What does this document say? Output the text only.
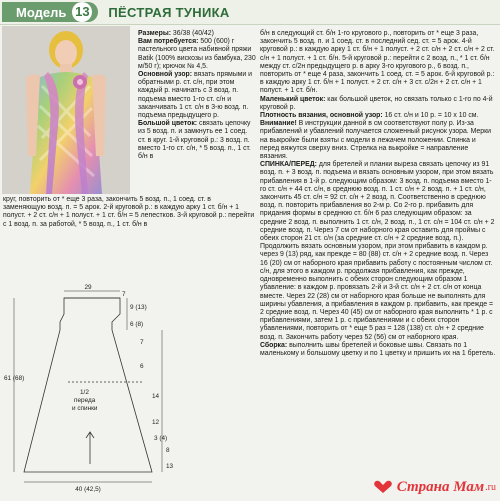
Модель 13 ПЁСТРАЯ ТУНИКА

Размеры: 36/38 (40/42)

Вам потребуется: 500 (600) г пастельного цвета набивной пряжи Batik (100% вискозы из бамбука, 230 м/50 г); крючок № 4,5.

Основной узор: вязать прямыми и обратными р. ст. с/н, при этом каждый р. начинать с 3 возд. п. подъема вместо 1-го ст. с/н и заканчивать 1 ст. с/н в 3-ю возд. п. подъема предыдущего р.

Большой цветок: связать цепочку из 5 возд. п. и замкнуть ее 1 соед. ст. в круг. 1-й круговой р.: 3 возд. п. вместо 1-го ст. с/н, * 5 возд. п., 1 ст. б/н в

круг, повторить от * еще 3 раза, закончить 5 возд. п., 1 соед. ст. в заменяющую возд. п. = 5 арок. 2-й круговой р.: в каждую арку 1 ст. б/н + 1 полуст. + 2 ст. с/н + 1 полуст. + 1 ст. б/н = 5 лепестков. 3-й круговой р.: перейти с 1 возд. п. за работой, * 5 возд. п., 1 ст. б/н в

б/н в следующий ст. б/н 1-го кругового р., повторить от * еще 3 раза, закончить 5 возд. п. и 1 соед. ст. в последний сед. ст. = 5 арок. 4-й круговой р.: в каждую арку 1 ст. б/н + 1 полуст. + 2 ст. с/н + 2 ст. с/н + 2 ст. с/н + 1 полуст. + 1 ст. б/н. 5-й круговой р.: перейти с 2 возд. п., * 1 ст. б/н между ст. с/2н предыдущего р. в арку 3-го кругового р., 6 возд. п., повторить от * еще 4 раза, закончить 1 соед. ст. = 5 арок. 6-й круговой р.: в каждую арку 1 ст. б/н + 1 полуст. + 2 ст. с/н + 3 ст. с/2н + 2 ст. с/н + 1 полуст. + 1 ст. б/н.

Маленький цветок: как большой цветок, но связать только с 1-го по 4-й круговой р.

Плотность вязания, основной узор: 16 ст. с/н и 10 р. = 10 х 10 см.

Внимание! В инструкции данной в см соответствуют полу р. Из-за прибавлений и убавлений получается сложенный рисунок узора. Мерки на выкройке были взяты с модели в лежачем положении. Спинка и перед вяжутся сверху вниз. Стрелка на выкройке = направление вязания.

СПИНКА/ПЕРЕД: для бретелей и планки выреза связать цепочку из 91 возд. п. + 3 возд. п. подъема и вязать основным узором, при этом вязать прибавления в 1-й р. следующим образом: 3 возд. п. подъема вместо 1-го ст. с/н + 44 ст. с/н, в среднюю возд. п. 1 ст. с/н + 2 возд. п. + 1 ст. с/н, закончить 45 ст. с/н = 92 ст. с/н + 2 возд. п. Соответственно в среднюю возд. п. повторить прибавления во 2-м р. Со 2-го р. прибавить для придания формы в среднюю ст. б/н 6 раз следующим образом: за средние 2 возд. п. выполнить 1 ст. с/н, 2 возд. п., 1 ст. с/н = 104 ст. с/н + 2 средние возд. п. Через 7 см от наборного края оставить для проймы с обеих сторон 21 ст. с/н (за средние ст. с/н + 2 средние возд. п.). Продолжить вязать основным узором, при этом прибавить в каждом р. через 9 (13) ряд, как прежде = 80 (88) ст. с/н + 2 средние возд. п. Через 16 (20) см от наборного края прибавить работу с постоянным числом ст. с/н, для этого в каждом р. продолжая прибавления, как прежде, одновременно выполнить с обеих сторон следующим образом 1 убавление: в каждом р. провязать 2-й и 3-й ст. с/н + 2 ст. с/н от конца вместе. Через 22 (28) см от наборного края больше не выполнять для ширины убавления, а прибавления в каждом р. прибавить, как прежде = 2 средние возд. п. Через 40 (45) см от наборного края выполнить * 1 р. с прибавлениями, затем 1 р. с прибавлениями и с обеих сторон убавлениями, повторить от * еще 5 раз = 128 (138) ст. с/н + 2 средние возд. п. Закончить работу через 52 (56) см от наборного края.

Сборка: выполнить швы бретелей и боковые швы. Связать по 1 маленькому и большому цветку и по 1 цветку и пришить их на 1 бретель.

29
7
9 (13)
6 (8)
7
6
14
12
3 (4)
8
13
61 (68)
1/2
переда
и спинки
40 (42,5)	Страна Мам .ru
